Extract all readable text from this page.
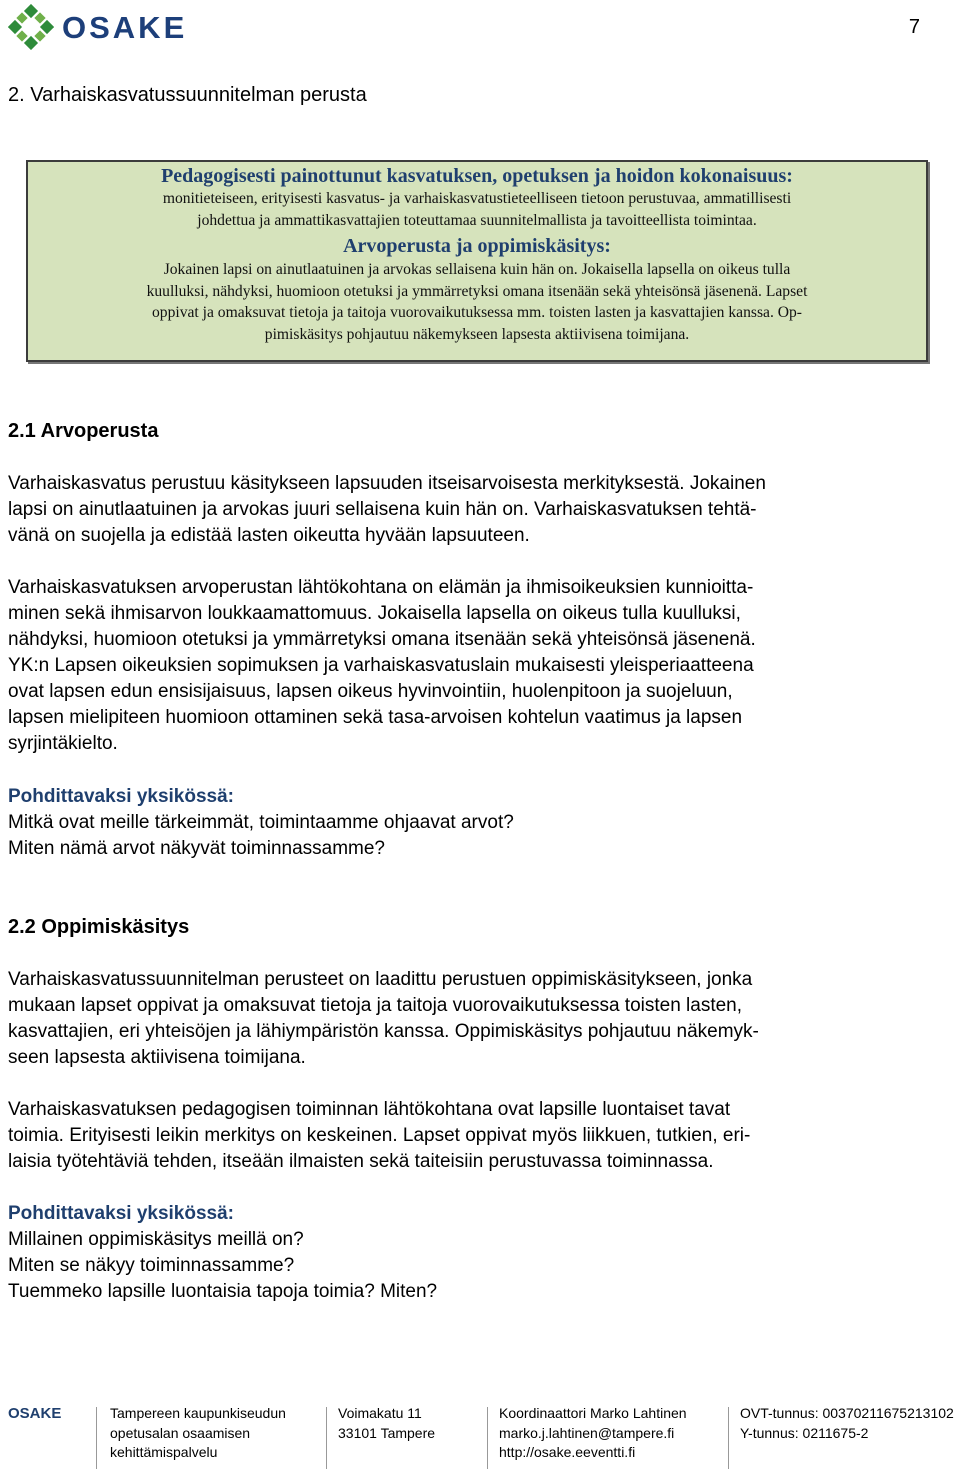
OSAKE	7
2. Varhaiskasvatussuunnitelman perusta
Pedagogisesti painottunut kasvatuksen, opetuksen ja hoidon kokonaisuus:
monitieteiseen, erityisesti kasvatus- ja varhaiskasvatustieteelliseen tietoon perustuvaa, ammatillisesti
johdettua ja ammattikasvattajien toteuttamaa suunnitelmallista ja tavoitteellista toimintaa.
Arvoperusta ja oppimiskäsitys:
Jokainen lapsi on ainutlaatuinen ja arvokas sellaisena kuin hän on. Jokaisella lapsella on oikeus tulla
kuulluksi, nähdyksi, huomioon otetuksi ja ymmärretyksi omana itsenään sekä yhteisönsä jäsenenä. Lapset
oppivat ja omaksuvat tietoja ja taitoja vuorovaikutuksessa mm. toisten lasten ja kasvattajien kanssa. Op-
pimiskäsitys pohjautuu näkemykseen lapsesta aktiivisena toimijana.
2.1 Arvoperusta

Varhaiskasvatus perustuu käsitykseen lapsuuden itseisarvoisesta merkityksestä. Jokainen

lapsi on ainutlaatuinen ja arvokas juuri sellaisena kuin hän on. Varhaiskasvatuksen tehtä-

vänä on suojella ja edistää lasten oikeutta hyvään lapsuuteen.

Varhaiskasvatuksen arvoperustan lähtökohtana on elämän ja ihmisoikeuksien kunnioitta-

minen sekä ihmisarvon loukkaamattomuus. Jokaisella lapsella on oikeus tulla kuulluksi,

nähdyksi, huomioon otetuksi ja ymmärretyksi omana itsenään sekä yhteisönsä jäsenenä.

YK:n Lapsen oikeuksien sopimuksen ja varhaiskasvatuslain mukaisesti yleisperiaatteena

ovat lapsen edun ensisijaisuus, lapsen oikeus hyvinvointiin, huolenpitoon ja suojeluun,

lapsen mielipiteen huomioon ottaminen sekä tasa-arvoisen kohtelun vaatimus ja lapsen

syrjintäkielto.

Pohdittavaksi yksikössä:

Mitkä ovat meille tärkeimmät, toimintaamme ohjaavat arvot?

Miten nämä arvot näkyvät toiminnassamme?

2.2 Oppimiskäsitys

Varhaiskasvatussuunnitelman perusteet on laadittu perustuen oppimiskäsitykseen, jonka

mukaan lapset oppivat ja omaksuvat tietoja ja taitoja vuorovaikutuksessa toisten lasten,

kasvattajien, eri yhteisöjen ja lähiympäristön kanssa. Oppimiskäsitys pohjautuu näkemyk-

seen lapsesta aktiivisena toimijana.

Varhaiskasvatuksen pedagogisen toiminnan lähtökohtana ovat lapsille luontaiset tavat

toimia. Erityisesti leikin merkitys on keskeinen. Lapset oppivat myös liikkuen, tutkien, eri-

laisia työtehtäviä tehden, itseään ilmaisten sekä taiteisiin perustuvassa toiminnassa.

Pohdittavaksi yksikössä:

Millainen oppimiskäsitys meillä on?

Miten se näkyy toiminnassamme?

Tuemmeko lapsille luontaisia tapoja toimia? Miten?

OSAKE	Tampereen kaupunkiseudun
opetusalan osaamisen
kehittämispalvelu
Voimakatu 11
33101 Tampere
Koordinaattori Marko Lahtinen
marko.j.lahtinen@tampere.fi
http://osake.eeventti.fi
OVT-tunnus: 003702116752131​02
Y-tunnus: 0211675-2
